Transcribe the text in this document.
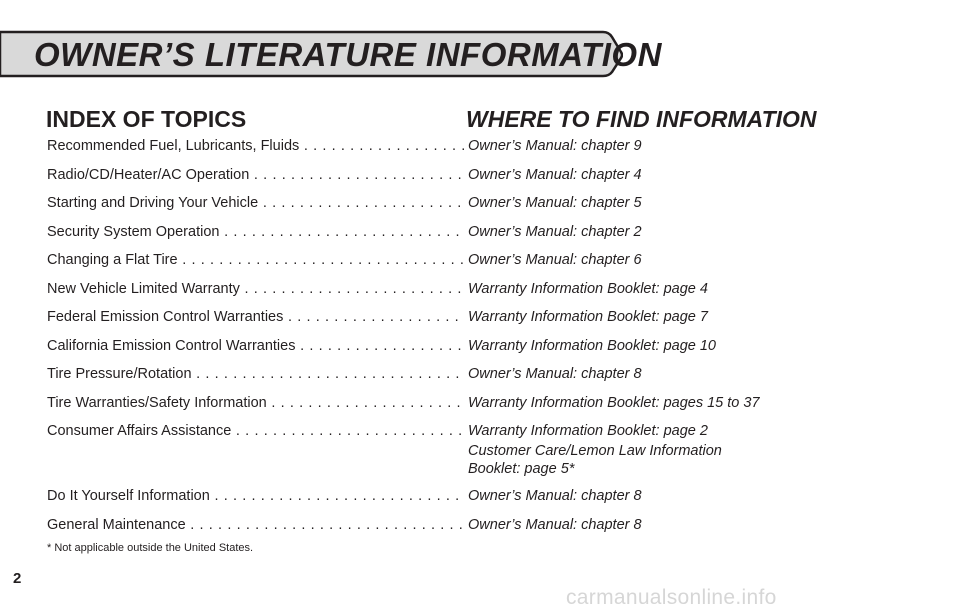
OWNER’S LITERATURE INFORMATION
INDEX OF TOPICS	WHERE TO FIND INFORMATION
Recommended Fuel, Lubricants, Fluids . . .	Owner’s Manual: chapter 9
Radio/CD/Heater/AC Operation . . .	Owner’s Manual: chapter 4
Starting and Driving Your Vehicle . . .	Owner’s Manual: chapter 5
Security System Operation . . .	Owner’s Manual: chapter 2
Changing a Flat Tire . . .	Owner’s Manual: chapter 6
New Vehicle Limited Warranty . . .	Warranty Information Booklet: page 4
Federal Emission Control Warranties . . .	Warranty Information Booklet: page 7
California Emission Control Warranties . . .	Warranty Information Booklet: page 10
Tire Pressure/Rotation . . .	Owner’s Manual: chapter 8
Tire Warranties/Safety Information . . .	Warranty Information Booklet: pages 15 to 37
Consumer Affairs Assistance . . .	Warranty Information Booklet: page 2
Customer Care/Lemon Law Information Booklet: page 5*
Do It Yourself Information . . .	Owner’s Manual: chapter 8
General Maintenance . . .	Owner’s Manual: chapter 8
* Not applicable outside the United States.
2
carmanualsonline.info
